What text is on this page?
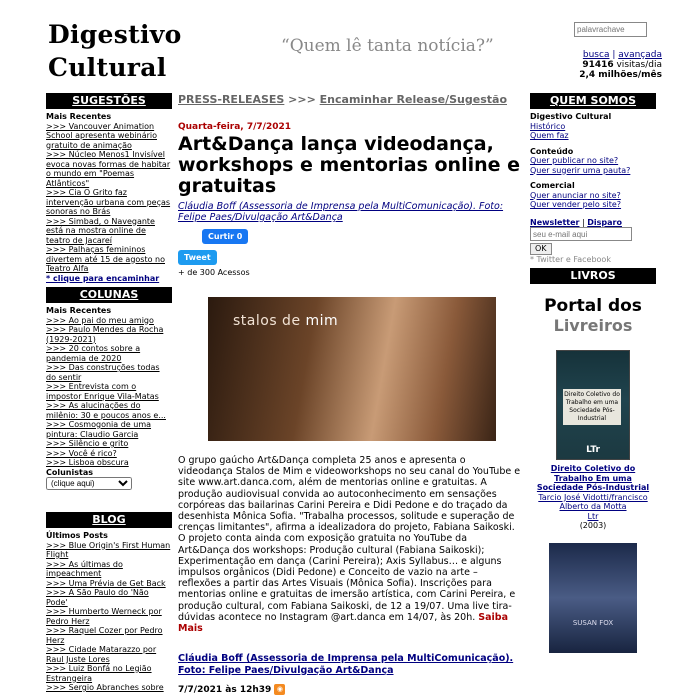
Digestivo
Cultural
“Quem lê tanta notícia?”
palavrachave	busca | avançada
91416 visitas/dia
2,4 milhões/mês
SUGESTÕES
Mais Recentes
>>> Vancouver Animation School apresenta webinário gratuito de animação
>>> Núcleo Menos1 Invisível evoca novas formas de habitar o mundo em "Poemas Atlânticos"
>>> Cia O Grito faz intervenção urbana com peças sonoras no Brás
>>> Simbad, o Navegante está na mostra online de teatro de Jacareí
>>> Palhaças femininos divertem até 15 de agosto no Teatro Alfa
* clique para encaminhar
COLUNAS
Mais Recentes
>>> Ao pai do meu amigo
>>> Paulo Mendes da Rocha (1929-2021)
>>> 20 contos sobre a pandemia de 2020
>>> Das construções todas do sentir
>>> Entrevista com o impostor Enrique Vila-Matas
>>> As alucinações do milênio: 30 e poucos anos e...
>>> Cosmogonia de uma pintura: Claudio Garcia
>>> Silêncio e grito
>>> Você é rico?
>>> Lisboa obscura
Colunistas
(clique aqui)
BLOG
Últimos Posts
>>> Blue Origin's First Human Flight
>>> As últimas do impeachment
>>> Uma Prévia de Get Back
>>> A São Paulo do 'Não Pode'
>>> Humberto Werneck por Pedro Herz
>>> Raquel Cozer por Pedro Herz
>>> Cidade Matarazzo por Raul Juste Lores
>>> Luiz Bonfá no Legião Estrangeira
>>> Sergio Abranches sobre
PRESS-RELEASES >>> Encaminhar Release/Sugestão
Quarta-feira, 7/7/2021
Art&Dança lança videodança, workshops e mentorias online e gratuitas
Cláudia Boff (Assessoria de Imprensa pela MultiComunicação). Foto: Felipe Paes/Divulgação Art&Dança
Curtir 0
Tweet
+ de 300 Acessos
stalos de mim
O grupo gaúcho Art&Dança completa 25 anos e apresenta o videodança Stalos de Mim e videoworkshops no seu canal do YouTube e site www.art.danca.com, além de mentorias online e gratuitas. A produção audiovisual convida ao autoconhecimento em sensações corpóreas das bailarinas Carini Pereira e Didi Pedone e do traçado da desenhista Mônica Sofia. "Trabalha processos, solitude e superação de crenças limitantes", afirma a idealizadora do projeto, Fabiana Saikoski. O projeto conta ainda com exposição gratuita no YouTube da Art&Dança dos workshops: Produção cultural (Fabiana Saikoski); Experimentação em dança (Carini Pereira); Axis Syllabus… e alguns impulsos orgânicos (Didi Pedone) e Conceito de vazio na arte – reflexões a partir das Artes Visuais (Mônica Sofia). Inscrições para mentorias online e gratuitas de imersão artística, com Carini Pereira, e produção cultural, com Fabiana Saikoski, de 12 a 19/07. Uma live tira-dúvidas acontece no Instagram @art.danca em 14/07, às 20h. Saiba Mais
Cláudia Boff (Assessoria de Imprensa pela MultiComunicação). Foto: Felipe Paes/Divulgação Art&Dança
7/7/2021 às 12h39 ◉
QUEM SOMOS
Digestivo Cultural
Histórico
Quem faz
Conteúdo
Quer publicar no site?
Quer sugerir uma pauta?
Comercial
Quer anunciar no site?
Quer vender pelo site?
Newsletter | Disparo
seu e-mail aqui
OK
* Twitter e Facebook
LIVROS
Portal dos
Livreiros
Direito Coletivo do Trabalho em uma Sociedade Pós-Industrial
LTr
Direito Coletivo do Trabalho Em uma Sociedade Pós-Industrial
Tarcio José Vidotti/francisco Alberto da Motta
Ltr
(2003)
SUSAN FOX
